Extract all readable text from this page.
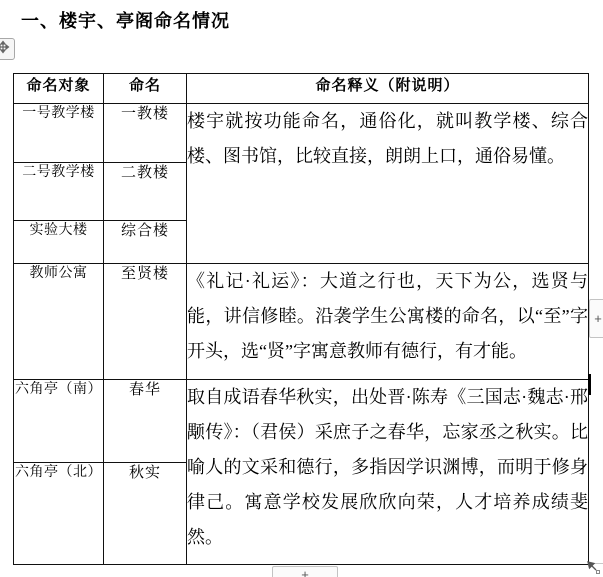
一、楼宇、亭阁命名情况
命名对象	命名	命名释义（附说明）
一号教学楼	一教楼	楼宇就按功能命名，通俗化，就叫教学楼、综合楼、图书馆，比较直接，朗朗上口，通俗易懂。
二号教学楼	二教楼	
实验大楼	综合楼	
教师公寓	至贤楼	《礼记·礼运》：大道之行也，天下为公，选贤与能，讲信修睦。沿袭学生公寓楼的命名，以“至”字开头，选“贤”字寓意教师有德行，有才能。
六角亭（南）	春华	取自成语春华秋实，出处晋·陈寿《三国志·魏志·邢颙传》：（君侯）采庶子之春华，忘家丞之秋实。比喻人的文采和德行，多指因学识渊博，而明于修身律己。寓意学校发展欣欣向荣，人才培养成绩斐然。
六角亭（北）	秋实	
+
+
